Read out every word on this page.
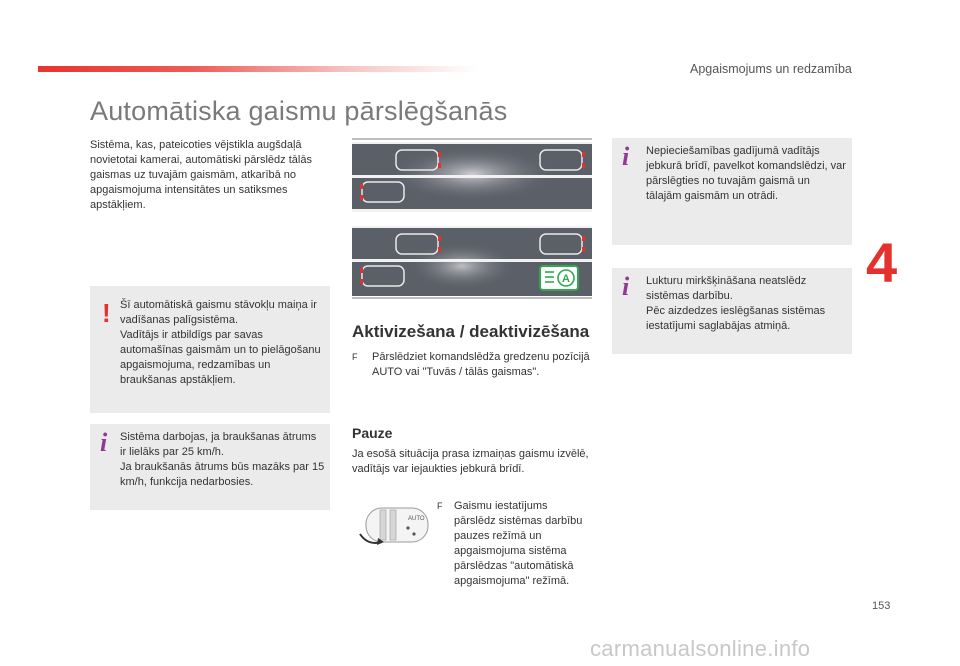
Apgaismojums un redzamība
Automātiska gaismu pārslēgšanās
Sistēma, kas, pateicoties vējstikla augšdaļā novietotai kamerai, automātiski pārslēdz tālās gaismas uz tuvajām gaismām, atkarībā no apgaismojuma intensitātes un satiksmes apstākļiem.
! Šī automātiskā gaismu stāvokļu maiņa ir vadīšanas palīgsistēma.
Vadītājs ir atbildīgs par savas automašīnas gaismām un to pielāgošanu apgaismojuma, redzamības un braukšanas apstākļiem.
i Sistēma darbojas, ja braukšanas ātrums ir lielāks par 25 km/h.
Ja braukšanās ātrums būs mazāks par 15 km/h, funkcija nedarbosies.
A
Aktivizešana / deaktivizēšana
F Pārslēdziet komandslēdža gredzenu pozīcijā AUTO vai "Tuvās / tālās gaismas".
Pauze
Ja esošā situācija prasa izmaiņas gaismu izvēlē, vadītājs var iejaukties jebkurā brīdī.
AUTO
F Gaismu iestatījums pārslēdz sistēmas darbību pauzes režīmā un apgaismojuma sistēma pārslēdzas "automātiskā apgaismojuma" režīmā.
i Nepieciešamības gadījumā vadītājs jebkurā brīdī, pavelkot komandslēdzi, var pārslēgties no tuvajām gaismā un tālajām gaismām un otrādi.
i Lukturu mirkšķināšana neatslēdz sistēmas darbību.
Pēc aizdedzes ieslēgšanas sistēmas iestatījumi saglabājas atmiņā.
4
153
carmanualsonline.info
